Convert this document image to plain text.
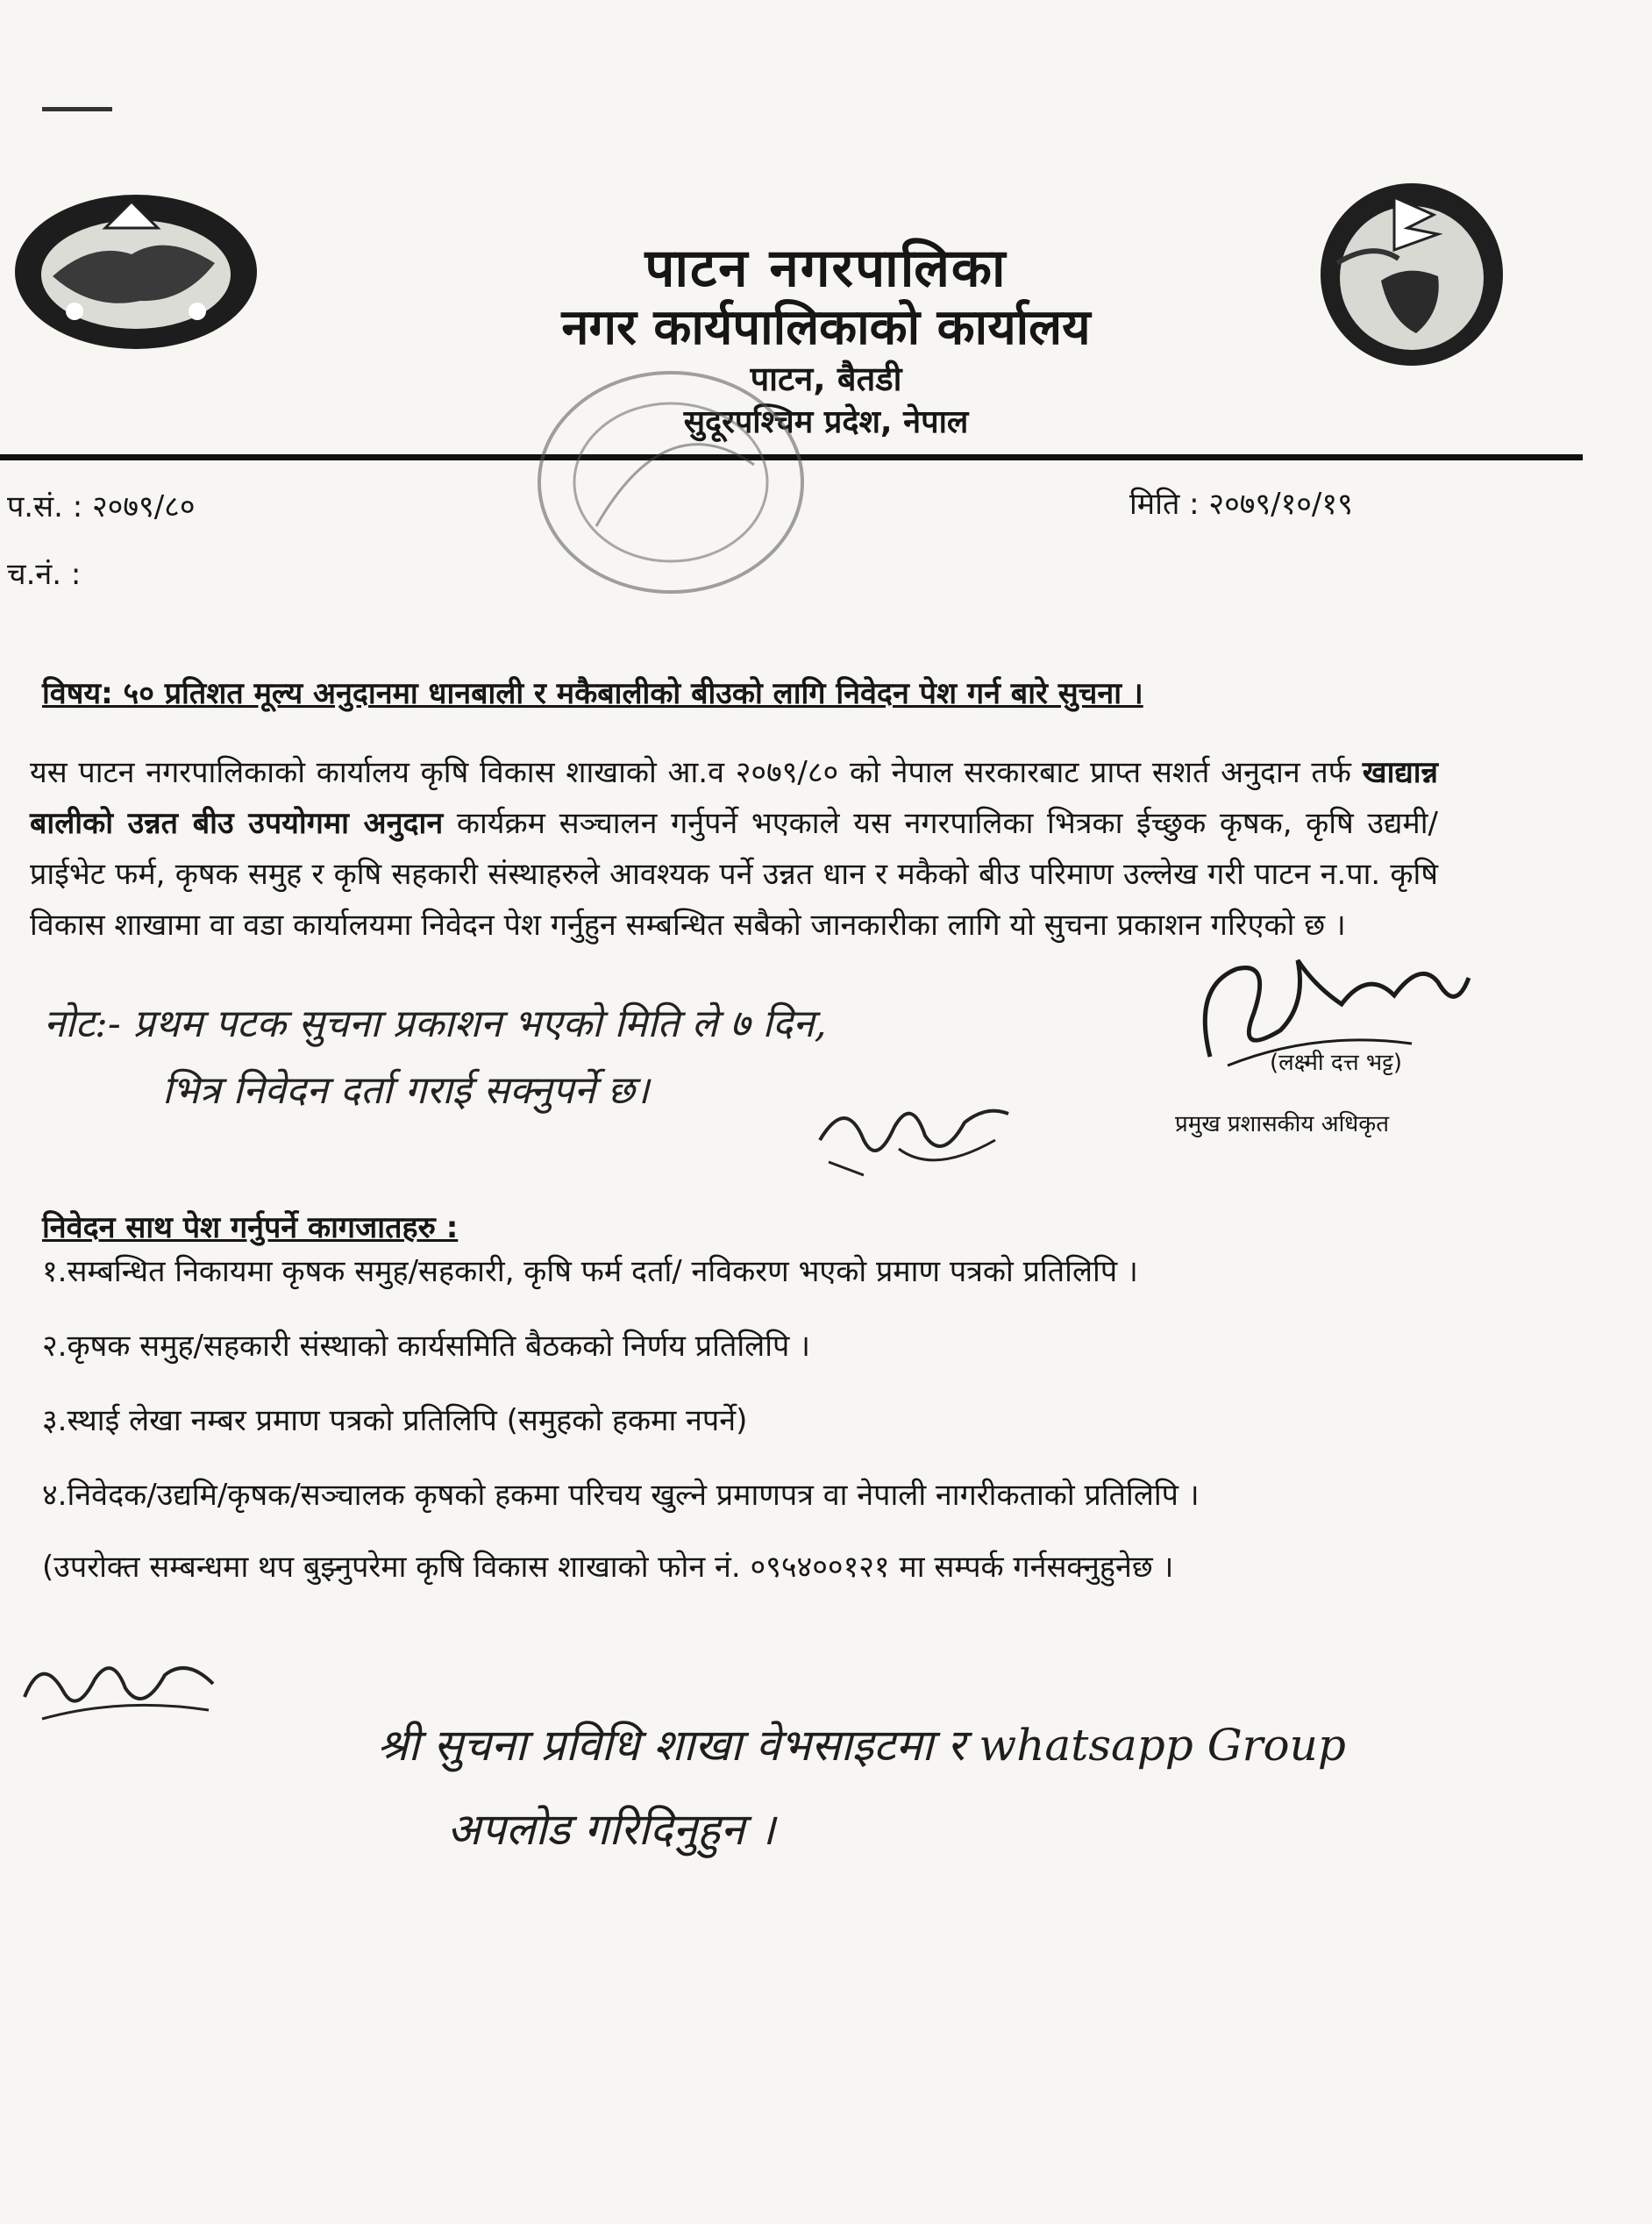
पाटन नगरपालिका
नगर कार्यपालिकाको कार्यालय
पाटन, बैतडी
सुदूरपश्चिम प्रदेश, नेपाल
प.सं. : २०७९/८०
च.नं. :
मिति : २०७९/१०/१९
विषय: ५० प्रतिशत मूल्य अनुदानमा धानबाली र मकैबालीको बीउको लागि निवेदन पेश गर्न बारे सुचना ।
यस पाटन नगरपालिकाको कार्यालय कृषि विकास शाखाको आ.व २०७९/८० को नेपाल सरकारबाट प्राप्त सशर्त अनुदान तर्फ खाद्यान्न बालीको उन्नत बीउ उपयोगमा अनुदान कार्यक्रम सञ्चालन गर्नुपर्ने भएकाले यस नगरपालिका भित्रका ईच्छुक कृषक, कृषि उद्यमी/प्राईभेट फर्म, कृषक समुह र कृषि सहकारी संस्थाहरुले आवश्यक पर्ने उन्नत धान र मकैको बीउ परिमाण उल्लेख गरी पाटन न.पा. कृषि विकास शाखामा वा वडा कार्यालयमा निवेदन पेश गर्नुहुन सम्बन्धित सबैको जानकारीका लागि यो सुचना प्रकाशन गरिएको छ ।
नोट:- प्रथम पटक सुचना प्रकाशन भएको मिति ले ७ दिन,
भित्र निवेदन दर्ता गराई सक्नुपर्ने छ।
(लक्ष्मी दत्त भट्ट)
प्रमुख प्रशासकीय अधिकृत
निवेदन साथ पेश गर्नुपर्ने कागजातहरु :
१.सम्बन्धित निकायमा कृषक समुह/सहकारी, कृषि फर्म दर्ता/ नविकरण भएको प्रमाण पत्रको प्रतिलिपि ।
२.कृषक समुह/सहकारी संस्थाको कार्यसमिति बैठकको निर्णय प्रतिलिपि ।
३.स्थाई लेखा नम्बर प्रमाण पत्रको प्रतिलिपि (समुहको हकमा नपर्ने)
४.निवेदक/उद्यमि/कृषक/सञ्चालक कृषको हकमा परिचय खुल्ने प्रमाणपत्र वा नेपाली नागरीकताको प्रतिलिपि ।
(उपरोक्त सम्बन्धमा थप बुझ्नुपरेमा कृषि विकास शाखाको फोन नं. ०९५४००१२१ मा सम्पर्क गर्नसक्नुहुनेछ ।
श्री सुचना प्रविधि शाखा वेभसाइटमा र whatsapp Group
अपलोड गरिदिनुहुन ।
